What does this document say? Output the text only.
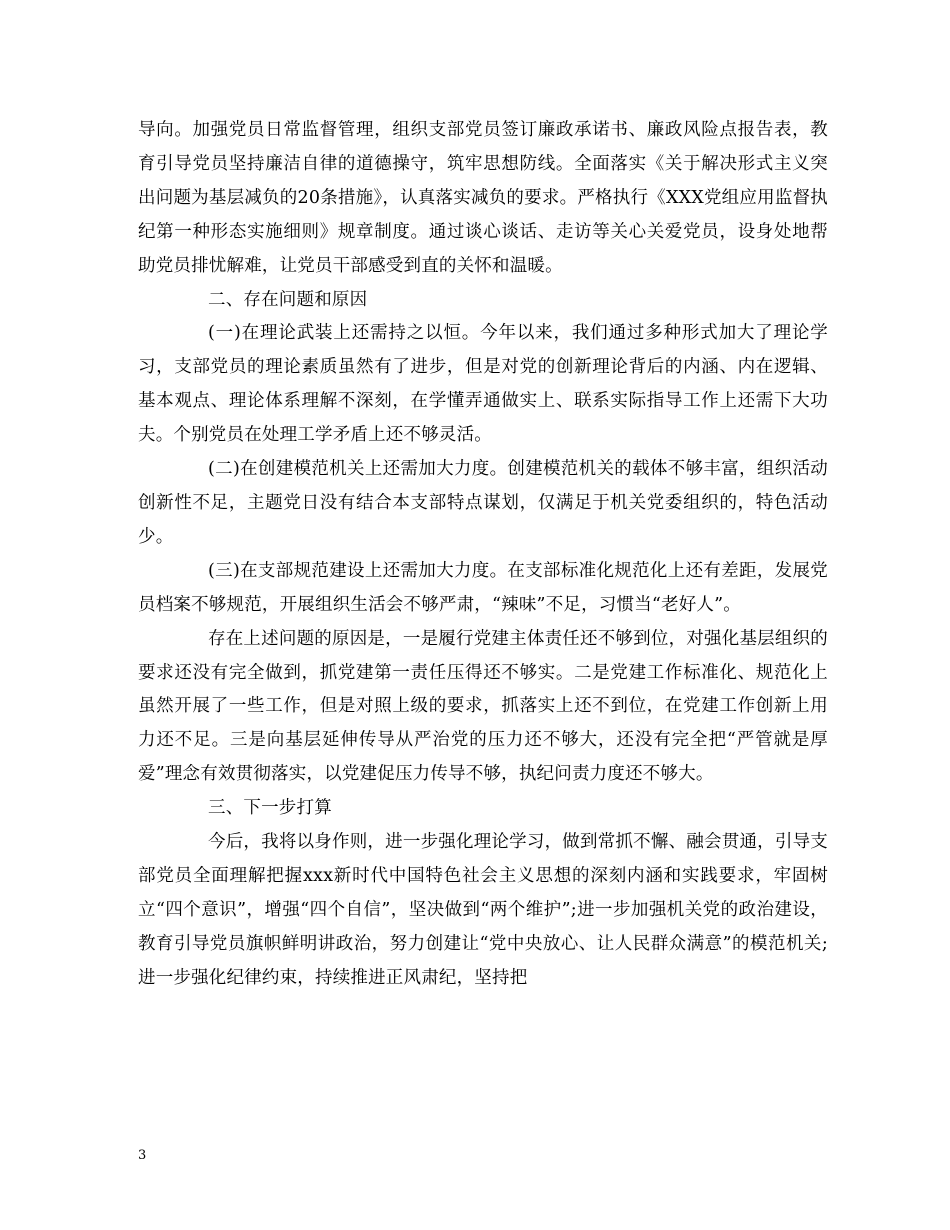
导向。加强党员日常监督管理，组织支部党员签订廉政承诺书、廉政风险点报告表，教育引导党员坚持廉洁自律的道德操守，筑牢思想防线。全面落实《关于解决形式主义突出问题为基层减负的20条措施》，认真落实减负的要求。严格执行《XXX党组应用监督执纪第一种形态实施细则》规章制度。通过谈心谈话、走访等关心关爱党员，设身处地帮助党员排忧解难，让党员干部感受到直的关怀和温暖。

二、存在问题和原因

(一)在理论武装上还需持之以恒。今年以来，我们通过多种形式加大了理论学习，支部党员的理论素质虽然有了进步，但是对党的创新理论背后的内涵、内在逻辑、基本观点、理论体系理解不深刻，在学懂弄通做实上、联系实际指导工作上还需下大功夫。个别党员在处理工学矛盾上还不够灵活。

(二)在创建模范机关上还需加大力度。创建模范机关的载体不够丰富，组织活动创新性不足，主题党日没有结合本支部特点谋划，仅满足于机关党委组织的，特色活动少。

(三)在支部规范建设上还需加大力度。在支部标准化规范化上还有差距，发展党员档案不够规范，开展组织生活会不够严肃，“辣味”不足，习惯当“老好人”。

存在上述问题的原因是，一是履行党建主体责任还不够到位，对强化基层组织的要求还没有完全做到，抓党建第一责任压得还不够实。二是党建工作标准化、规范化上虽然开展了一些工作，但是对照上级的要求，抓落实上还不到位，在党建工作创新上用力还不足。三是向基层延伸传导从严治党的压力还不够大，还没有完全把“严管就是厚爱”理念有效贯彻落实，以党建促压力传导不够，执纪问责力度还不够大。

三、下一步打算

今后，我将以身作则，进一步强化理论学习，做到常抓不懈、融会贯通，引导支部党员全面理解把握xxx新时代中国特色社会主义思想的深刻内涵和实践要求，牢固树立“四个意识”，增强“四个自信”，坚决做到“两个维护”;进一步加强机关党的政治建设，教育引导党员旗帜鲜明讲政治，努力创建让“党中央放心、让人民群众满意”的模范机关;进一步强化纪律约束，持续推进正风肃纪，坚持把

3
